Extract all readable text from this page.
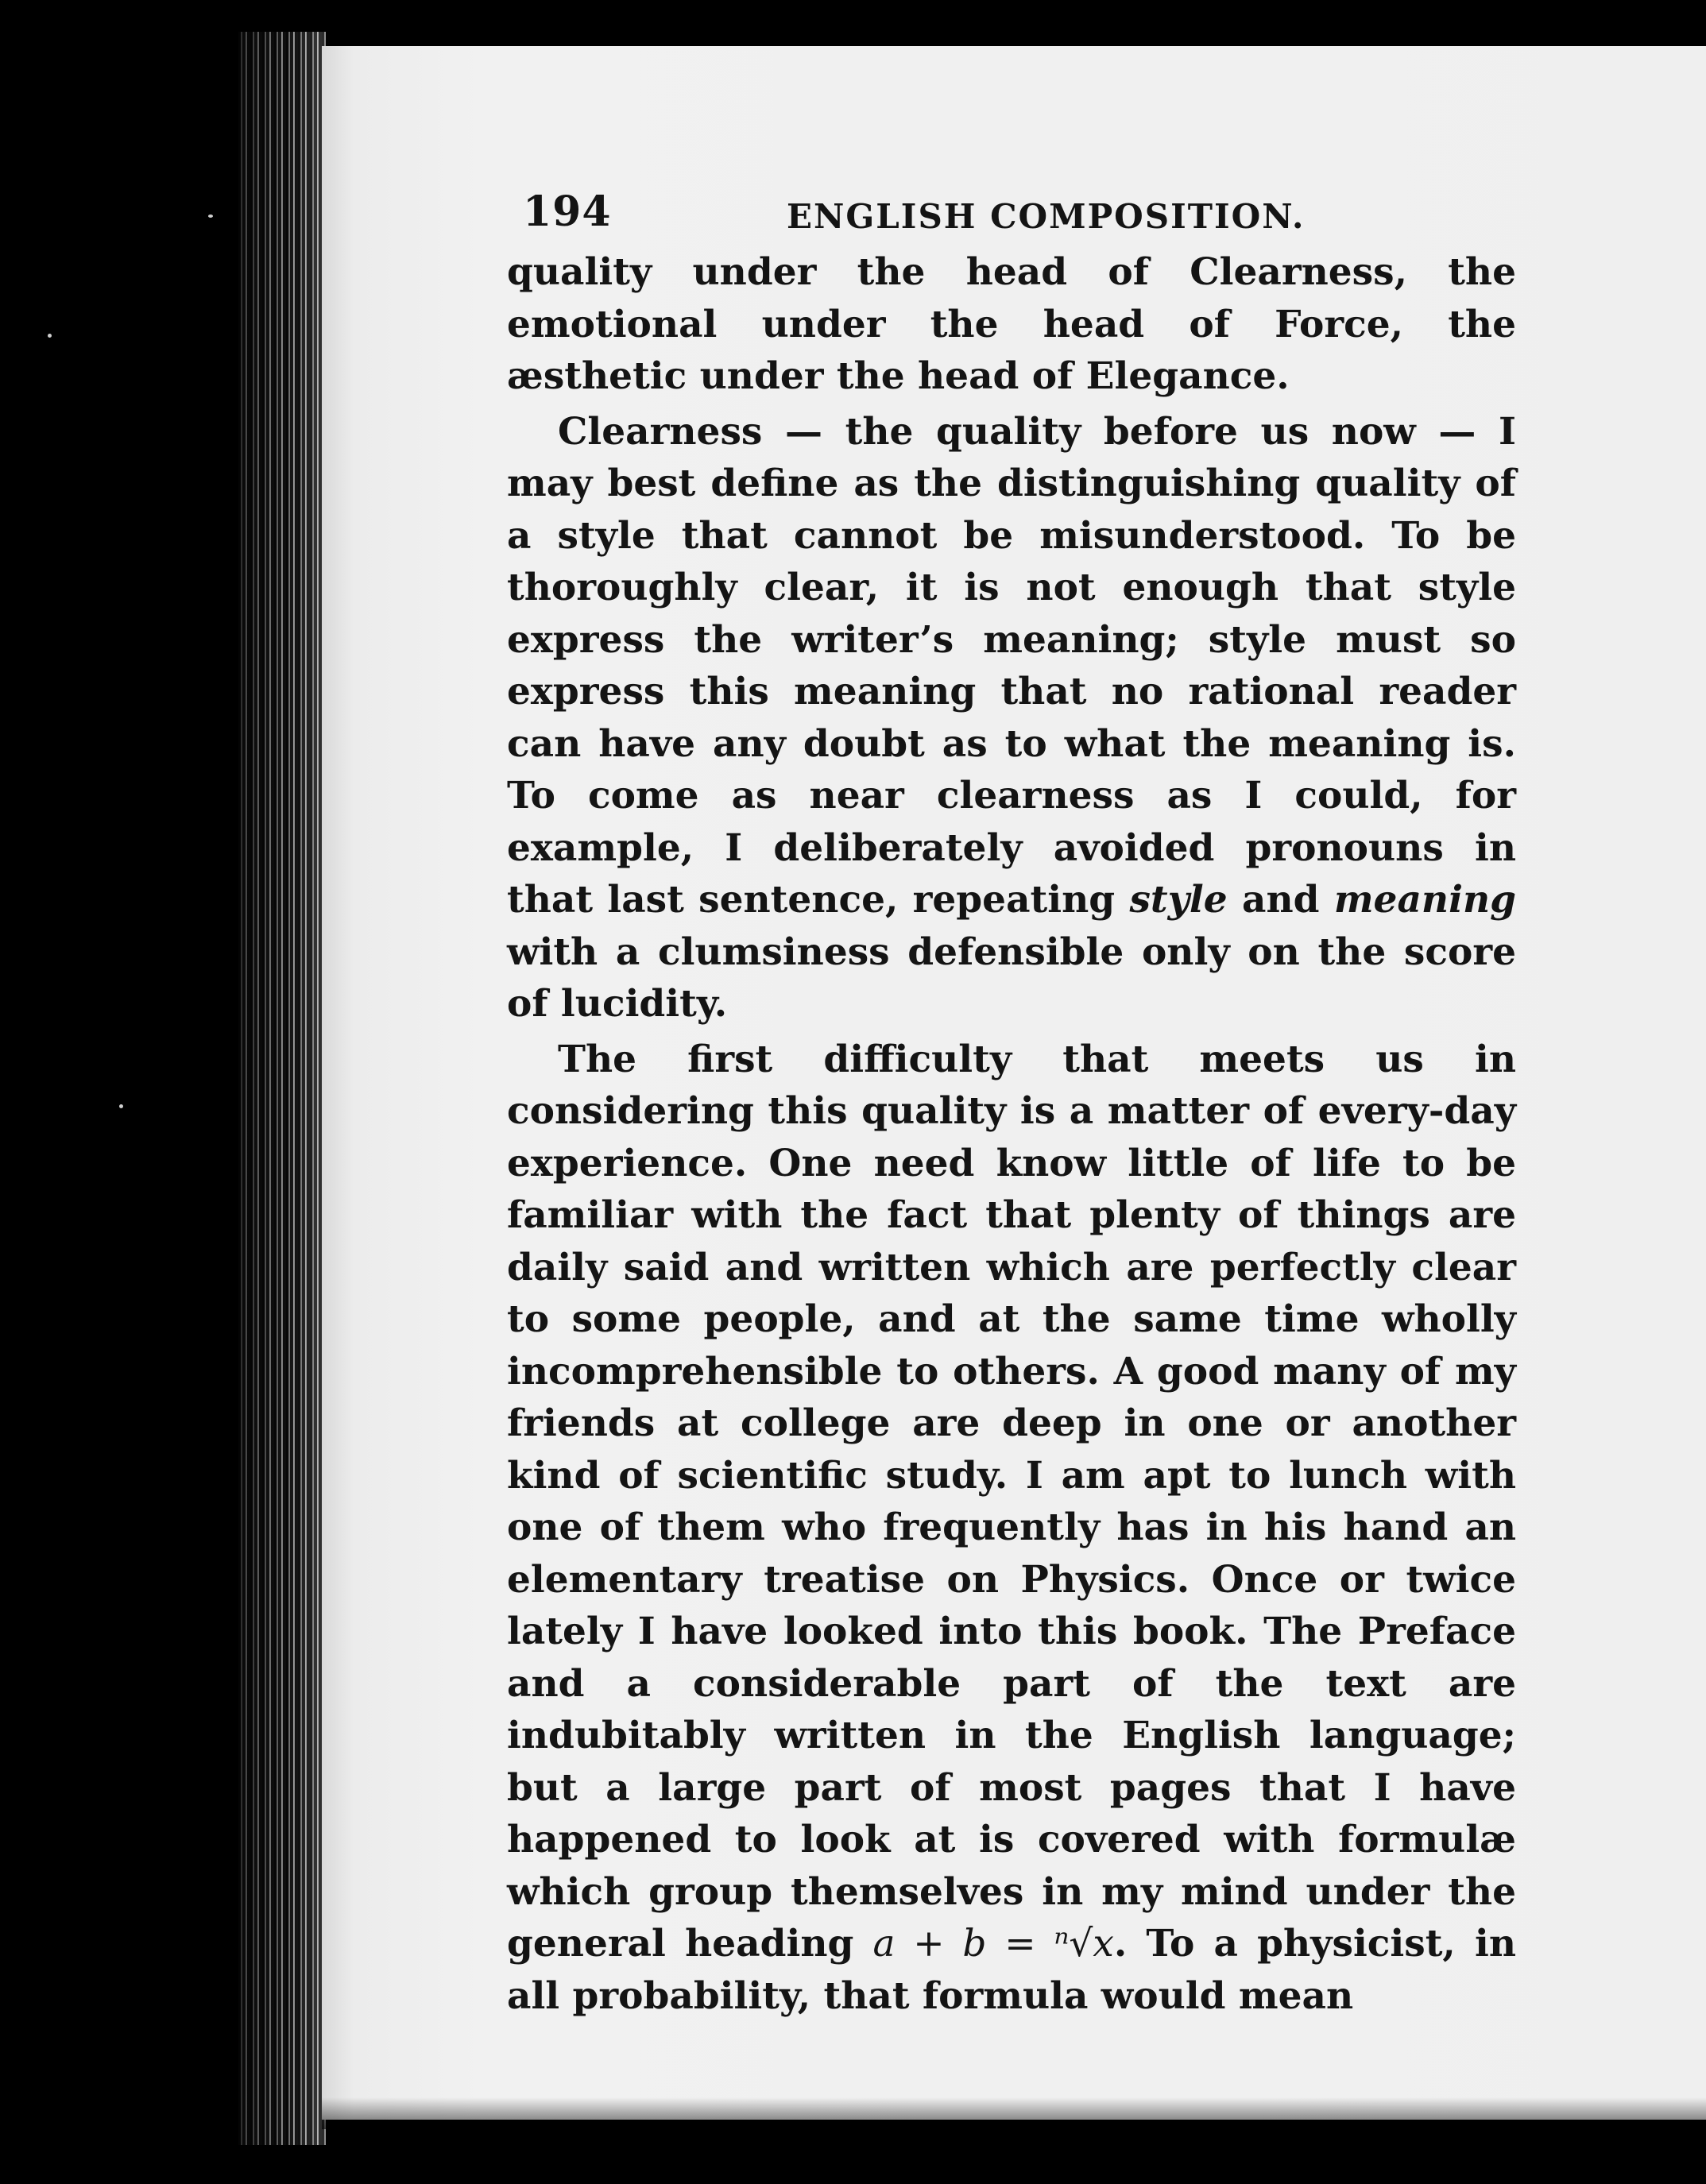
194	ENGLISH COMPOSITION.

quality under the head of Clearness, the emotional under the head of Force, the æsthetic under the head of Elegance.

Clearness — the quality before us now — I may best define as the distinguishing quality of a style that cannot be misunderstood. To be thoroughly clear, it is not enough that style express the writer’s meaning; style must so express this meaning that no rational reader can have any doubt as to what the meaning is. To come as near clearness as I could, for example, I deliberately avoided pronouns in that last sentence, repeating style and meaning with a clumsiness defensible only on the score of lucidity.

The first difficulty that meets us in considering this quality is a matter of every-day experience. One need know little of life to be familiar with the fact that plenty of things are daily said and written which are perfectly clear to some people, and at the same time wholly incomprehensible to others. A good many of my friends at college are deep in one or another kind of scientific study. I am apt to lunch with one of them who frequently has in his hand an elementary treatise on Physics. Once or twice lately I have looked into this book. The Preface and a considerable part of the text are indubitably written in the English language; but a large part of most pages that I have happened to look at is covered with formulæ which group themselves in my mind under the general heading a + b = ⁿ√x. To a physicist, in all probability, that formula would mean
